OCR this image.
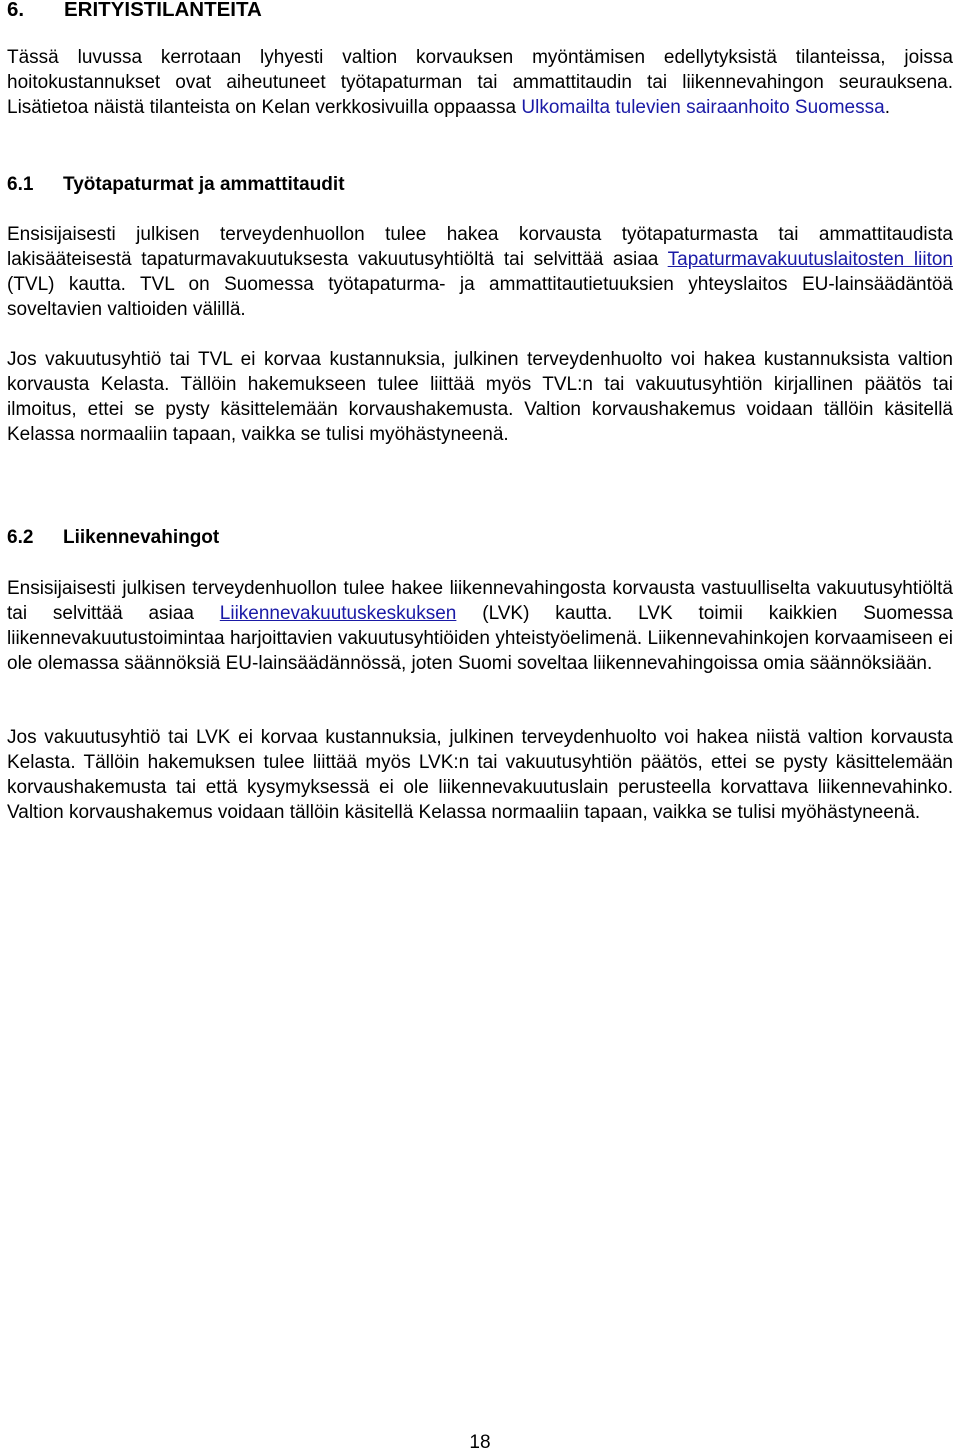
6. ERITYISTILANTEITA

Tässä luvussa kerrotaan lyhyesti valtion korvauksen myöntämisen edellytyksistä tilanteissa, joissa hoitokustannukset ovat aiheutuneet työtapaturman tai ammattitaudin tai liikennevahingon seurauksena. Lisätietoa näistä tilanteista on Kelan verkkosivuilla oppaassa Ulkomailta tulevien sairaanhoito Suomessa.

6.1 Työtapaturmat ja ammattitaudit

Ensisijaisesti julkisen terveydenhuollon tulee hakea korvausta työtapaturmasta tai ammattitaudista lakisääteisestä tapaturmavakuutuksesta vakuutusyhtiöltä tai selvittää asiaa Tapaturmavakuutuslaitosten liiton (TVL) kautta. TVL on Suomessa työtapaturma- ja ammattitautietuuksien yhteyslaitos EU-lainsäädäntöä soveltavien valtioiden välillä.

Jos vakuutusyhtiö tai TVL ei korvaa kustannuksia, julkinen terveydenhuolto voi hakea kustannuksista valtion korvausta Kelasta. Tällöin hakemukseen tulee liittää myös TVL:n tai vakuutusyhtiön kirjallinen päätös tai ilmoitus, ettei se pysty käsittelemään korvaushakemusta. Valtion korvaushakemus voidaan tällöin käsitellä Kelassa normaaliin tapaan, vaikka se tulisi myöhästyneenä.

6.2 Liikennevahingot

Ensisijaisesti julkisen terveydenhuollon tulee hakee liikennevahingosta korvausta vastuulliselta vakuutusyhtiöltä tai selvittää asiaa Liikennevakuutuskeskuksen (LVK) kautta. LVK toimii kaikkien Suomessa liikennevakuutustoimintaa harjoittavien vakuutusyhtiöiden yhteistyöelimenä. Liikennevahinkojen korvaamiseen ei ole olemassa säännöksiä EU-lainsäädännössä, joten Suomi soveltaa liikennevahingoissa omia säännöksiään.

Jos vakuutusyhtiö tai LVK ei korvaa kustannuksia, julkinen terveydenhuolto voi hakea niistä valtion korvausta Kelasta. Tällöin hakemuksen tulee liittää myös LVK:n tai vakuutusyhtiön päätös, ettei se pysty käsittelemään korvaushakemusta tai että kysymyksessä ei ole liikennevakuutuslain perusteella korvattava liikennevahinko. Valtion korvaushakemus voidaan tällöin käsitellä Kelassa normaaliin tapaan, vaikka se tulisi myöhästyneenä.

18
